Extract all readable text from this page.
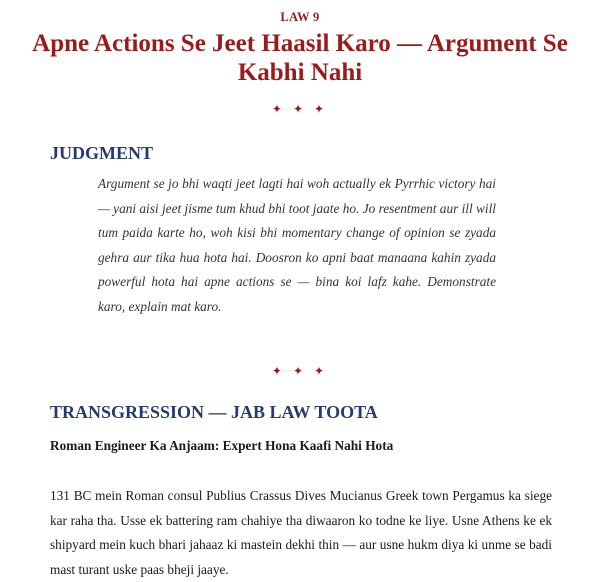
LAW 9
Apne Actions Se Jeet Haasil Karo — Argument Se Kabhi Nahi
✦ ✦ ✦
JUDGMENT

Argument se jo bhi waqti jeet lagti hai woh actually ek Pyrrhic victory hai — yani aisi jeet jisme tum khud bhi toot jaate ho. Jo resentment aur ill will tum paida karte ho, woh kisi bhi momentary change of opinion se zyada gehra aur tika hua hota hai. Doosron ko apni baat manaana kahin zyada powerful hota hai apne actions se — bina koi lafz kahe. Demonstrate karo, explain mat karo.

✦ ✦ ✦
TRANSGRESSION — JAB LAW TOOTA
Roman Engineer Ka Anjaam: Expert Hona Kaafi Nahi Hota

131 BC mein Roman consul Publius Crassus Dives Mucianus Greek town Pergamus ka siege kar raha tha. Usse ek battering ram chahiye tha diwaaron ko todne ke liye. Usne Athens ke ek shipyard mein kuch bhari jahaaz ki mastein dekhi thin — aur usne hukm diya ki unme se badi mast turant uske paas bheji jaaye.
